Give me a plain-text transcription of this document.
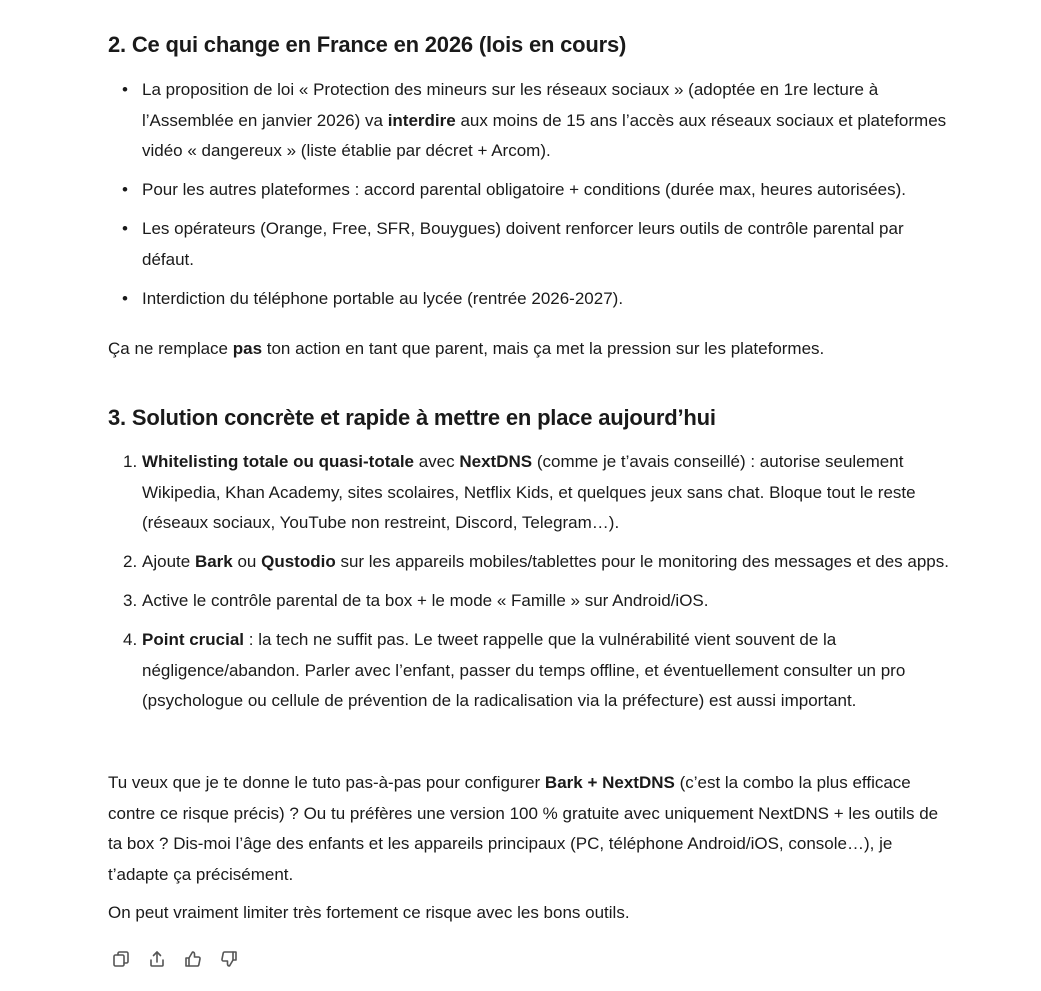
2. Ce qui change en France en 2026 (lois en cours)
• La proposition de loi « Protection des mineurs sur les réseaux sociaux » (adoptée en 1re lecture à l’Assemblée en janvier 2026) va interdire aux moins de 15 ans l’accès aux réseaux sociaux et plateformes vidéo « dangereux » (liste établie par décret + Arcom).
• Pour les autres plateformes : accord parental obligatoire + conditions (durée max, heures autorisées).
• Les opérateurs (Orange, Free, SFR, Bouygues) doivent renforcer leurs outils de contrôle parental par défaut.
• Interdiction du téléphone portable au lycée (rentrée 2026-2027).

Ça ne remplace pas ton action en tant que parent, mais ça met la pression sur les plateformes.

3. Solution concrète et rapide à mettre en place aujourd’hui
1. Whitelisting totale ou quasi-totale avec NextDNS (comme je t’avais conseillé) : autorise seulement Wikipedia, Khan Academy, sites scolaires, Netflix Kids, et quelques jeux sans chat. Bloque tout le reste (réseaux sociaux, YouTube non restreint, Discord, Telegram…).
2. Ajoute Bark ou Qustodio sur les appareils mobiles/tablettes pour le monitoring des messages et des apps.
3. Active le contrôle parental de ta box + le mode « Famille » sur Android/iOS.
4. Point crucial : la tech ne suffit pas. Le tweet rappelle que la vulnérabilité vient souvent de la négligence/abandon. Parler avec l’enfant, passer du temps offline, et éventuellement consulter un pro (psychologue ou cellule de prévention de la radicalisation via la préfecture) est aussi important.

Tu veux que je te donne le tuto pas-à-pas pour configurer Bark + NextDNS (c’est la combo la plus efficace contre ce risque précis) ? Ou tu préfères une version 100 % gratuite avec uniquement NextDNS + les outils de ta box ? Dis-moi l’âge des enfants et les appareils principaux (PC, téléphone Android/iOS, console…), je t’adapte ça précisément.

On peut vraiment limiter très fortement ce risque avec les bons outils.
